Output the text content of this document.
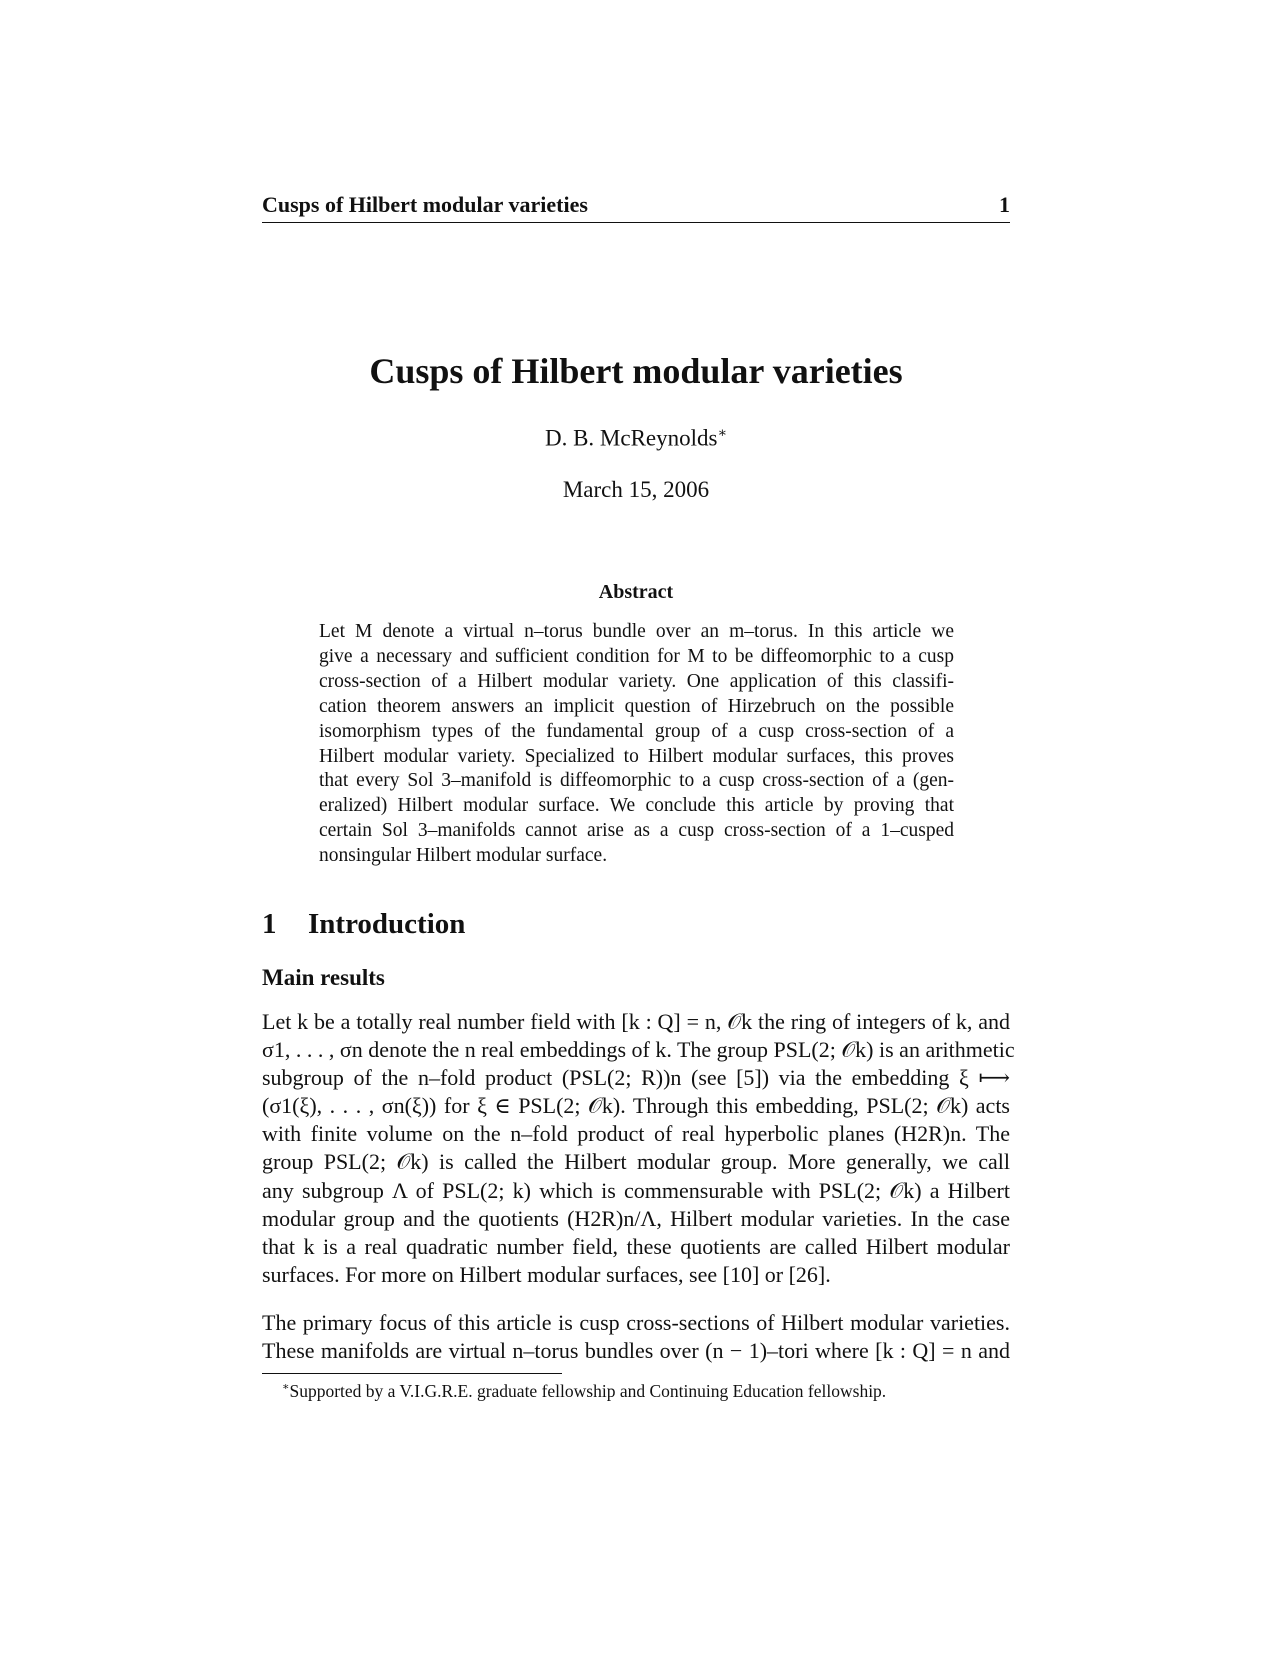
Cusps of Hilbert modular varieties	1
Cusps of Hilbert modular varieties
D. B. McReynolds∗
March 15, 2006
Abstract
Let M denote a virtual n–torus bundle over an m–torus. In this article we
give a necessary and sufficient condition for M to be diffeomorphic to a cusp
cross-section of a Hilbert modular variety. One application of this classifi-
cation theorem answers an implicit question of Hirzebruch on the possible
isomorphism types of the fundamental group of a cusp cross-section of a
Hilbert modular variety. Specialized to Hilbert modular surfaces, this proves
that every Sol 3–manifold is diffeomorphic to a cusp cross-section of a (gen-
eralized) Hilbert modular surface. We conclude this article by proving that
certain Sol 3–manifolds cannot arise as a cusp cross-section of a 1–cusped
nonsingular Hilbert modular surface.
1 Introduction
Main results
Let k be a totally real number field with [k : Q] = n, 𝒪k the ring of integers of k, and
σ1, . . . , σn denote the n real embeddings of k. The group PSL(2; 𝒪k) is an arithmetic
subgroup of the n–fold product (PSL(2; R))n (see [5]) via the embedding ξ ⟼
(σ1(ξ), . . . , σn(ξ)) for ξ ∈ PSL(2; 𝒪k). Through this embedding, PSL(2; 𝒪k) acts
with finite volume on the n–fold product of real hyperbolic planes (H2R)n. The
group PSL(2; 𝒪k) is called the Hilbert modular group. More generally, we call
any subgroup Λ of PSL(2; k) which is commensurable with PSL(2; 𝒪k) a Hilbert
modular group and the quotients (H2R)n/Λ, Hilbert modular varieties. In the case
that k is a real quadratic number field, these quotients are called Hilbert modular
surfaces. For more on Hilbert modular surfaces, see [10] or [26].
The primary focus of this article is cusp cross-sections of Hilbert modular varieties.
These manifolds are virtual n–torus bundles over (n − 1)–tori where [k : Q] = n and
∗Supported by a V.I.G.R.E. graduate fellowship and Continuing Education fellowship.
